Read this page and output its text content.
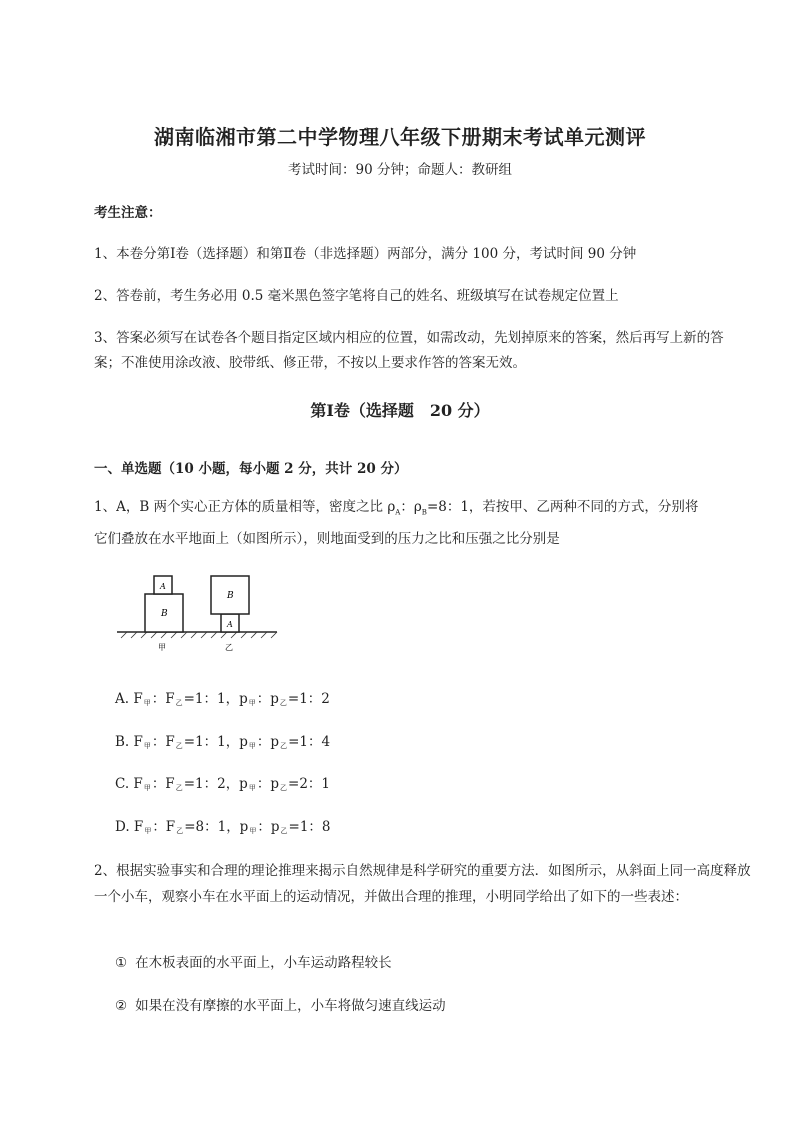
湖南临湘市第二中学物理八年级下册期末考试单元测评
考试时间：90 分钟；命题人：教研组
考生注意：
1、本卷分第Ⅰ卷（选择题）和第Ⅱ卷（非选择题）两部分，满分 100 分，考试时间 90 分钟
2、答卷前，考生务必用 0.5 毫米黑色签字笔将自己的姓名、班级填写在试卷规定位置上
3、答案必须写在试卷各个题目指定区域内相应的位置，如需改动，先划掉原来的答案，然后再写上新的答案；不准使用涂改液、胶带纸、修正带，不按以上要求作答的答案无效。
第Ⅰ卷（选择题　20 分）
一、单选题（10 小题，每小题 2 分，共计 20 分）
1、A，B 两个实心正方体的质量相等，密度之比 $\rho_A$：$\rho_B=8$：1，若按甲、乙两种不同的方式，分别将
它们叠放在水平地面上（如图所示），则地面受到的压力之比和压强之比分别是
B
A
A
B
甲	乙
A. $F_甲$：$F_乙=1$：1，$p_甲$：$p_乙=1$：2
B. $F_甲$：$F_乙=1$：1，$p_甲$：$p_乙=1$：4
C. $F_甲$：$F_乙=1$：2，$p_甲$：$p_乙=2$：1
D. $F_甲$：$F_乙=8$：1，$p_甲$：$p_乙=1$：8
2、根据实验事实和合理的理论推理来揭示自然规律是科学研究的重要方法．如图所示，从斜面上同一高度释放一个小车，观察小车在水平面上的运动情况，并做出合理的推理，小明同学给出了如下的一些表述：
① 在木板表面的水平面上，小车运动路程较长
② 如果在没有摩擦的水平面上，小车将做匀速直线运动
